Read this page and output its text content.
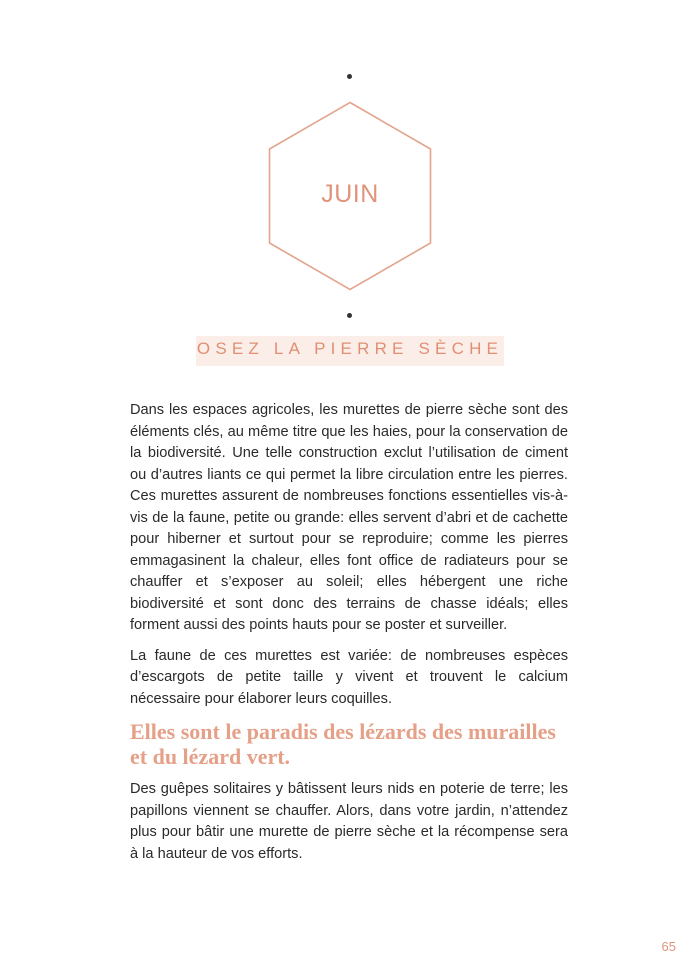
JUIN
OSEZ LA PIERRE SÈCHE

Dans les espaces agricoles, les murettes de pierre sèche sont des éléments clés, au même titre que les haies, pour la conservation de la biodiversité. Une telle construction exclut l’utilisation de ciment ou d’autres liants ce qui permet la libre circulation entre les pierres. Ces murettes assurent de nombreuses fonctions essentielles vis-à-vis de la faune, petite ou grande: elles servent d’abri et de cachette pour hiberner et surtout pour se reproduire; comme les pierres emmagasinent la chaleur, elles font office de radiateurs pour se chauffer et s’exposer au soleil; elles hébergent une riche biodiversité et sont donc des terrains de chasse idéals; elles forment aussi des points hauts pour se poster et surveiller.

La faune de ces murettes est variée: de nombreuses espèces d’escargots de petite taille y vivent et trouvent le calcium nécessaire pour élaborer leurs coquilles.

Elles sont le paradis des lézards des murailles et du lézard vert.

Des guêpes solitaires y bâtissent leurs nids en poterie de terre; les papillons viennent se chauffer. Alors, dans votre jardin, n’attendez plus pour bâtir une murette de pierre sèche et la récompense sera à la hauteur de vos efforts.

65
